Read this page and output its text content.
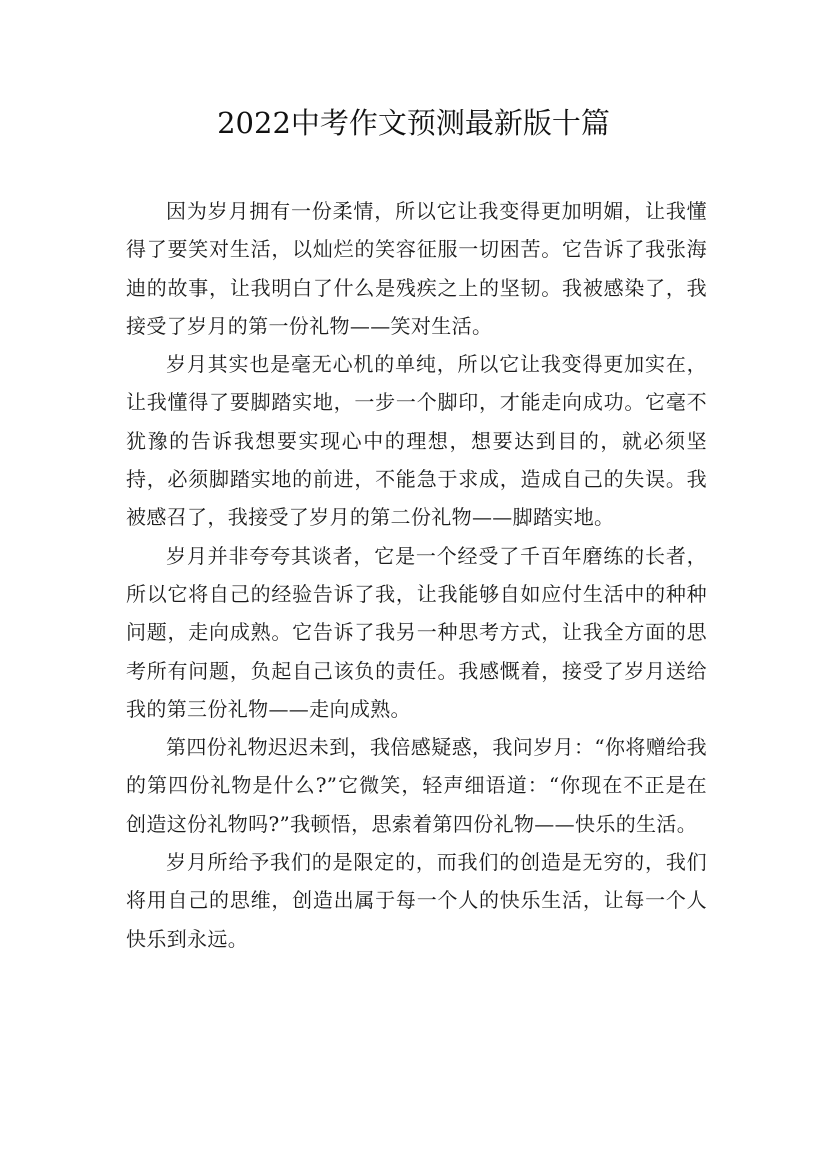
2022中考作文预测最新版十篇

因为岁月拥有一份柔情，所以它让我变得更加明媚，让我懂得了要笑对生活，以灿烂的笑容征服一切困苦。它告诉了我张海迪的故事，让我明白了什么是残疾之上的坚韧。我被感染了，我接受了岁月的第一份礼物——笑对生活。

岁月其实也是毫无心机的单纯，所以它让我变得更加实在，让我懂得了要脚踏实地，一步一个脚印，才能走向成功。它毫不犹豫的告诉我想要实现心中的理想，想要达到目的，就必须坚持，必须脚踏实地的前进，不能急于求成，造成自己的失误。我被感召了，我接受了岁月的第二份礼物——脚踏实地。

岁月并非夸夸其谈者，它是一个经受了千百年磨练的长者，所以它将自己的经验告诉了我，让我能够自如应付生活中的种种问题，走向成熟。它告诉了我另一种思考方式，让我全方面的思考所有问题，负起自己该负的责任。我感慨着，接受了岁月送给我的第三份礼物——走向成熟。

第四份礼物迟迟未到，我倍感疑惑，我问岁月：“你将赠给我的第四份礼物是什么?”它微笑，轻声细语道：“你现在不正是在创造这份礼物吗?”我顿悟，思索着第四份礼物——快乐的生活。

岁月所给予我们的是限定的，而我们的创造是无穷的，我们将用自己的思维，创造出属于每一个人的快乐生活，让每一个人快乐到永远。
